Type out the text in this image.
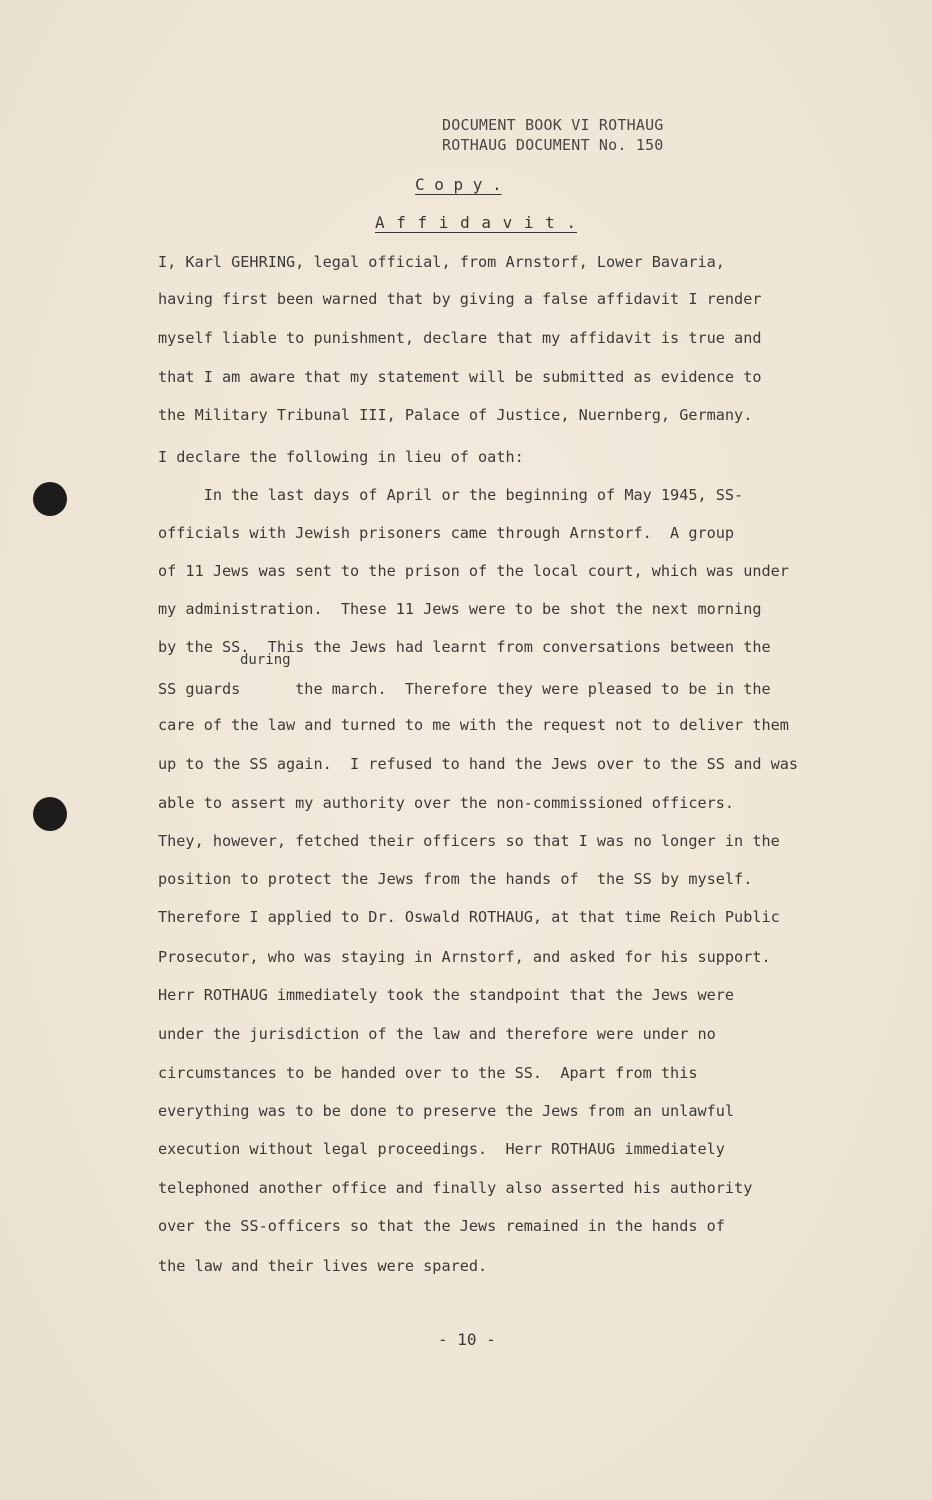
DOCUMENT BOOK VI ROTHAUG
ROTHAUG DOCUMENT No. 150
C o p y .
A f f i d a v i t .
I, Karl GEHRING, legal official, from Arnstorf, Lower Bavaria,
having first been warned that by giving a false affidavit I render
myself liable to punishment, declare that my affidavit is true and
that I am aware that my statement will be submitted as evidence to
the Military Tribunal III, Palace of Justice, Nuernberg, Germany.
I declare the following in lieu of oath:
In the last days of April or the beginning of May 1945, SS-
officials with Jewish prisoners came through Arnstorf.  A group
of 11 Jews was sent to the prison of the local court, which was under
my administration.  These 11 Jews were to be shot the next morning
by the SS.  This the Jews had learnt from conversations between the
during
SS guards      the march.  Therefore they were pleased to be in the
care of the law and turned to me with the request not to deliver them
up to the SS again.  I refused to hand the Jews over to the SS and was
able to assert my authority over the non-commissioned officers.
They, however, fetched their officers so that I was no longer in the
position to protect the Jews from the hands of  the SS by myself.
Therefore I applied to Dr. Oswald ROTHAUG, at that time Reich Public
Prosecutor, who was staying in Arnstorf, and asked for his support.
Herr ROTHAUG immediately took the standpoint that the Jews were
under the jurisdiction of the law and therefore were under no
circumstances to be handed over to the SS.  Apart from this
everything was to be done to preserve the Jews from an unlawful
execution without legal proceedings.  Herr ROTHAUG immediately
telephoned another office and finally also asserted his authority
over the SS-officers so that the Jews remained in the hands of
the law and their lives were spared.
- 10 -
